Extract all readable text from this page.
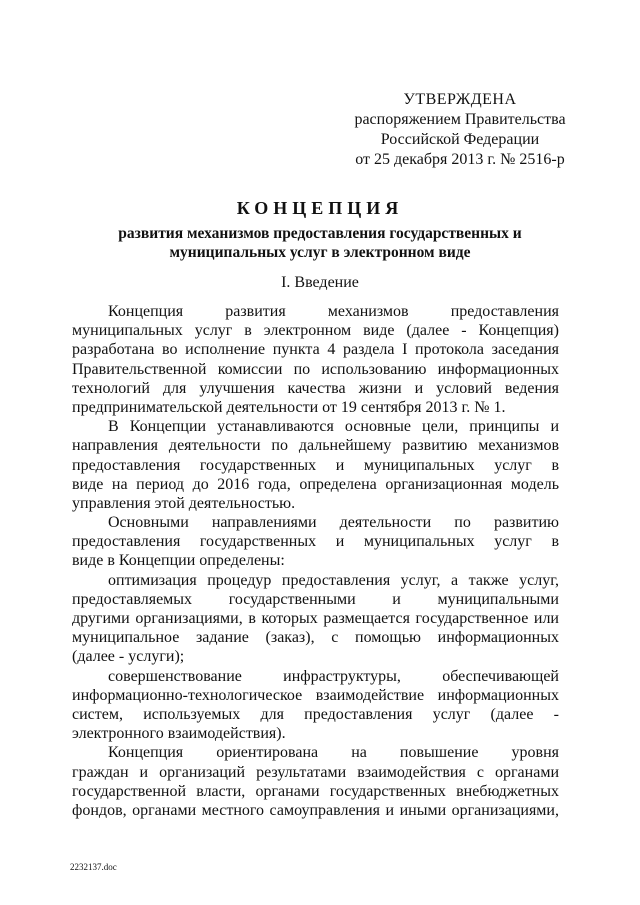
УТВЕРЖДЕНА
распоряжением Правительства
Российской Федерации
от 25 декабря 2013 г. № 2516-р
КОНЦЕПЦИЯ
развития механизмов предоставления государственных и
муниципальных услуг в электронном виде
I. Введение
Концепция развития механизмов предоставления
муниципальных услуг в электронном виде (далее - Концепция)
разработана во исполнение пункта 4 раздела I протокола заседания
Правительственной комиссии по использованию информационных
технологий для улучшения качества жизни и условий ведения
предпринимательской деятельности от 19 сентября 2013 г. № 1.
В Концепции устанавливаются основные цели, принципы и
направления деятельности по дальнейшему развитию механизмов
предоставления государственных и муниципальных услуг в
виде на период до 2016 года, определена организационная модель
управления этой деятельностью.
Основными направлениями деятельности по развитию
предоставления государственных и муниципальных услуг в
виде в Концепции определены:
оптимизация процедур предоставления услуг, а также услуг,
предоставляемых государственными и муниципальными
другими организациями, в которых размещается государственное или
муниципальное задание (заказ), с помощью информационных
(далее - услуги);
совершенствование инфраструктуры, обеспечивающей
информационно-технологическое взаимодействие информационных
систем, используемых для предоставления услуг (далее -
электронного взаимодействия).
Концепция ориентирована на повышение уровня
граждан и организаций результатами взаимодействия с органами
государственной власти, органами государственных внебюджетных
фондов, органами местного самоуправления и иными организациями,
2232137.doc
